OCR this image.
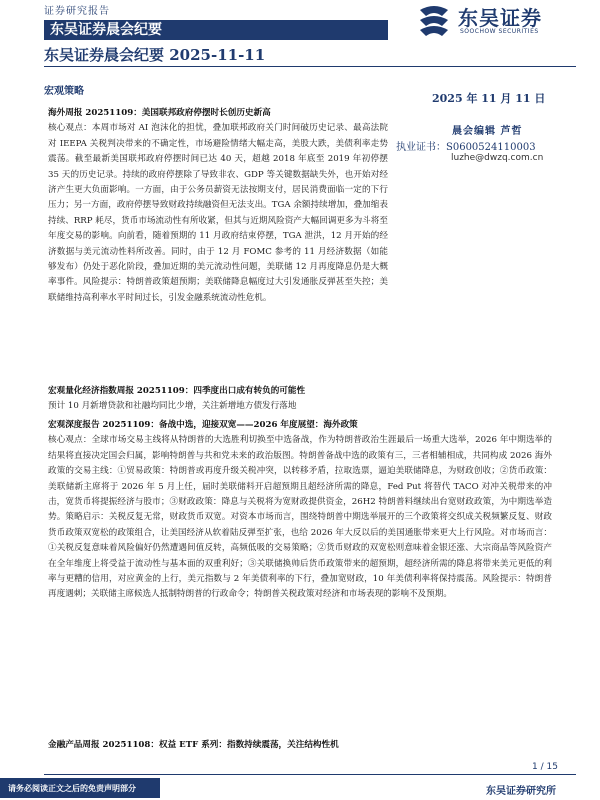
证券研究报告
东吴证券晨会纪要	东吴证券
SOOCHOW SECURITIES
东吴证券晨会纪要 2025-11-11
宏观策略
2025 年 11 月 11 日
晨会编辑 芦哲
执业证书：S0600524110003
luzhe@dwzq.com.cn
海外周报 20251109：美国联邦政府停摆时长创历史新高
核心观点：本周市场对 AI 泡沫化的担忧，叠加联邦政府关门时间破历史记录、最高法院对 IEEPA 关税判决带来的不确定性，市场避险情绪大幅走高，美股大跌，美债利率走势震荡。截至最新美国联邦政府停摆时间已达 40 天，超越 2018 年底至 2019 年初停摆 35 天的历史记录。持续的政府停摆除了导致非农、GDP 等关键数据缺失外，也开始对经济产生更大负面影响。一方面，由于公务员薪资无法按期支付，居民消费面临一定的下行压力；另一方面，政府停摆导致财政持续融资但无法支出。TGA 余额持续增加，叠加缩表持续、RRP 耗尽，货币市场流动性有所收紧，但其与近期风险资产大幅回调更多为斗将至年度交易的影响。向前看，随着预期的 11 月政府结束停摆，TGA 泄洪，12 月开始的经济数据与美元流动性料所改善。同时，由于 12 月 FOMC 参考的 11 月经济数据（如能够发布）仍处于恶化阶段，叠加近期的美元流动性问题，美联储 12 月再度降息仍是大概率事件。风险提示：特朗普政策超预期；美联储降息幅度过大引发通胀反弹甚至失控；美联储维持高利率水平时间过长，引发金融系统流动性危机。
宏观量化经济指数周报 20251109：四季度出口成有转负的可能性
预计 10 月新增贷款和社融均同比少增，关注新增地方债发行落地
宏观深度报告 20251109：备战中选，迎接双宽——2026 年度展望：海外政策
核心观点：全球市场交易主线将从特朗普的大选胜利切换至中选备战，作为特朗普政治生涯最后一场重大选举，2026 年中期选举的结果将直接决定国会归属，影响特朗普与共和党未来的政治版图。特朗普备战中选的政策有三，三者相辅相成，共同构成 2026 海外政策的交易主线：①贸易政策：特朗普或再度升级关税冲突，以转移矛盾，拉取选票，逼迫美联储降息，为财政创收；②货币政策：美联储新主席将于 2026 年 5 月上任，届时美联储料开启超预期且超经济所需的降息，Fed Put 将替代 TACO 对冲关税带来的冲击，宽货币将提振经济与股市；③财政政策：降息与关税将为宽财政提供资金，26H2 特朗普料继续出台宽财政政策，为中期选举造势。策略启示：关税反复无常，财政货币双宽。对资本市场而言，围绕特朗普中期选举展开的三个政策将交织成关税频繁反复、财政货币政策双宽松的政策组合，让美国经济从软着陆反弹至扩张，也给 2026 年大反以后的美国通胀带来更大上行风险。对市场而言：①关税反复意味着风险偏好仍然遭遇间值反转，高频低吸的交易策略；②货币财政的双宽松则意味着金银还涨、大宗商品等风险资产在全年维度上将受益于流动性与基本面的双重利好；③关联储换帅后货币政策带来的超预期，超经济所需的降息将带来美元更低的利率与更糟的信用，对应黄金的上行，美元指数与 2 年美债利率的下行，叠加宽财政，10 年美债利率将保持震荡。风险提示：特朗普再度遇刺；关联储主席候选人抵制特朗普的行政命令；特朗普关税政策对经济和市场表现的影响不及预期。
金融产品周报 20251108：权益 ETF 系列：指数持续震荡，关注结构性机
1 / 15
请务必阅读正文之后的免责声明部分	东吴证券研究所
